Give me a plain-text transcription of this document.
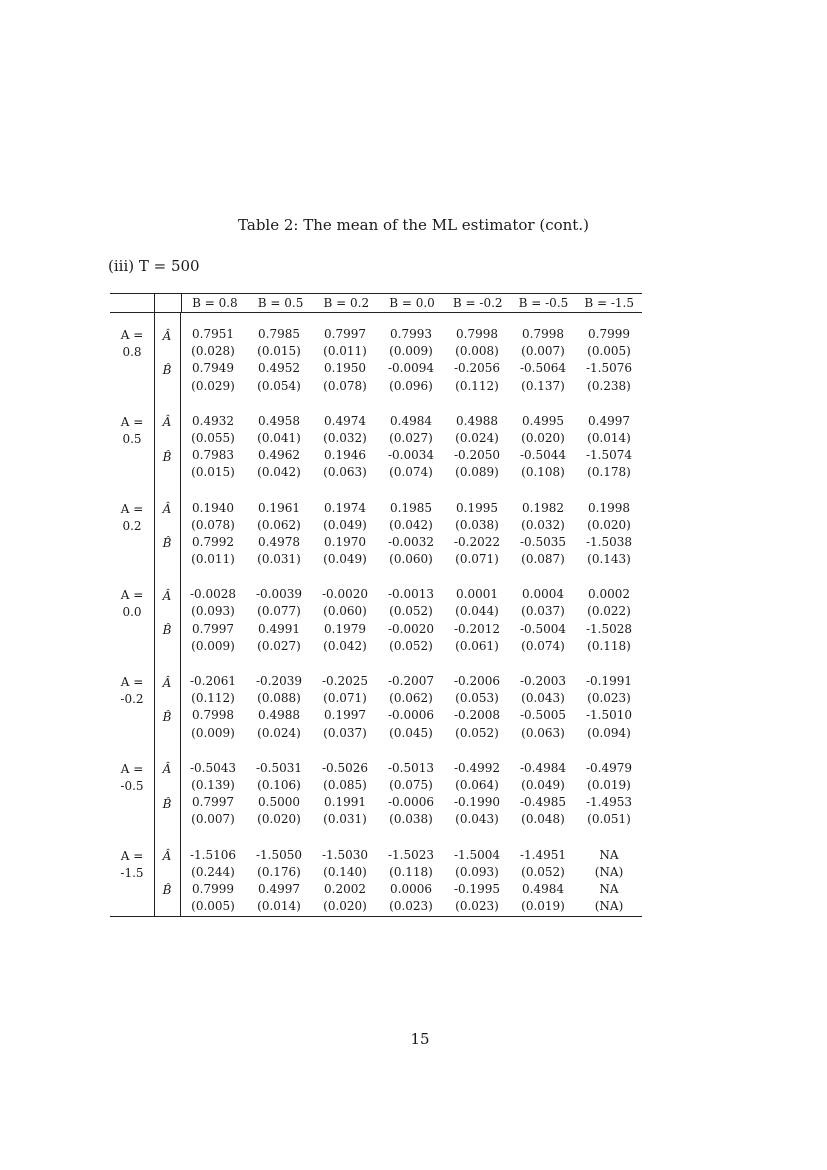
Table 2: The mean of the ML estimator (cont.)
(iii) T = 500
B = 0.8	B = 0.5	B = 0.2	B = 0.0	B = -0.2	B = -0.5	B = -1.5
A =	Â	0.7951	0.7985	0.7997	0.7993	0.7998	0.7998	0.7999
0.8	(0.028)	(0.015)	(0.011)	(0.009)	(0.008)	(0.007)	(0.005)
B̂	0.7949	0.4952	0.1950	-0.0094	-0.2056	-0.5064	-1.5076
(0.029)	(0.054)	(0.078)	(0.096)	(0.112)	(0.137)	(0.238)
A =	Â	0.4932	0.4958	0.4974	0.4984	0.4988	0.4995	0.4997
0.5	(0.055)	(0.041)	(0.032)	(0.027)	(0.024)	(0.020)	(0.014)
B̂	0.7983	0.4962	0.1946	-0.0034	-0.2050	-0.5044	-1.5074
(0.015)	(0.042)	(0.063)	(0.074)	(0.089)	(0.108)	(0.178)
A =	Â	0.1940	0.1961	0.1974	0.1985	0.1995	0.1982	0.1998
0.2	(0.078)	(0.062)	(0.049)	(0.042)	(0.038)	(0.032)	(0.020)
B̂	0.7992	0.4978	0.1970	-0.0032	-0.2022	-0.5035	-1.5038
(0.011)	(0.031)	(0.049)	(0.060)	(0.071)	(0.087)	(0.143)
A =	Â	-0.0028	-0.0039	-0.0020	-0.0013	0.0001	0.0004	0.0002
0.0	(0.093)	(0.077)	(0.060)	(0.052)	(0.044)	(0.037)	(0.022)
B̂	0.7997	0.4991	0.1979	-0.0020	-0.2012	-0.5004	-1.5028
(0.009)	(0.027)	(0.042)	(0.052)	(0.061)	(0.074)	(0.118)
A =	Â	-0.2061	-0.2039	-0.2025	-0.2007	-0.2006	-0.2003	-0.1991
-0.2	(0.112)	(0.088)	(0.071)	(0.062)	(0.053)	(0.043)	(0.023)
B̂	0.7998	0.4988	0.1997	-0.0006	-0.2008	-0.5005	-1.5010
(0.009)	(0.024)	(0.037)	(0.045)	(0.052)	(0.063)	(0.094)
A =	Â	-0.5043	-0.5031	-0.5026	-0.5013	-0.4992	-0.4984	-0.4979
-0.5	(0.139)	(0.106)	(0.085)	(0.075)	(0.064)	(0.049)	(0.019)
B̂	0.7997	0.5000	0.1991	-0.0006	-0.1990	-0.4985	-1.4953
(0.007)	(0.020)	(0.031)	(0.038)	(0.043)	(0.048)	(0.051)
A =	Â	-1.5106	-1.5050	-1.5030	-1.5023	-1.5004	-1.4951	NA
-1.5	(0.244)	(0.176)	(0.140)	(0.118)	(0.093)	(0.052)	(NA)
B̂	0.7999	0.4997	0.2002	0.0006	-0.1995	0.4984	NA
(0.005)	(0.014)	(0.020)	(0.023)	(0.023)	(0.019)	(NA)
15
